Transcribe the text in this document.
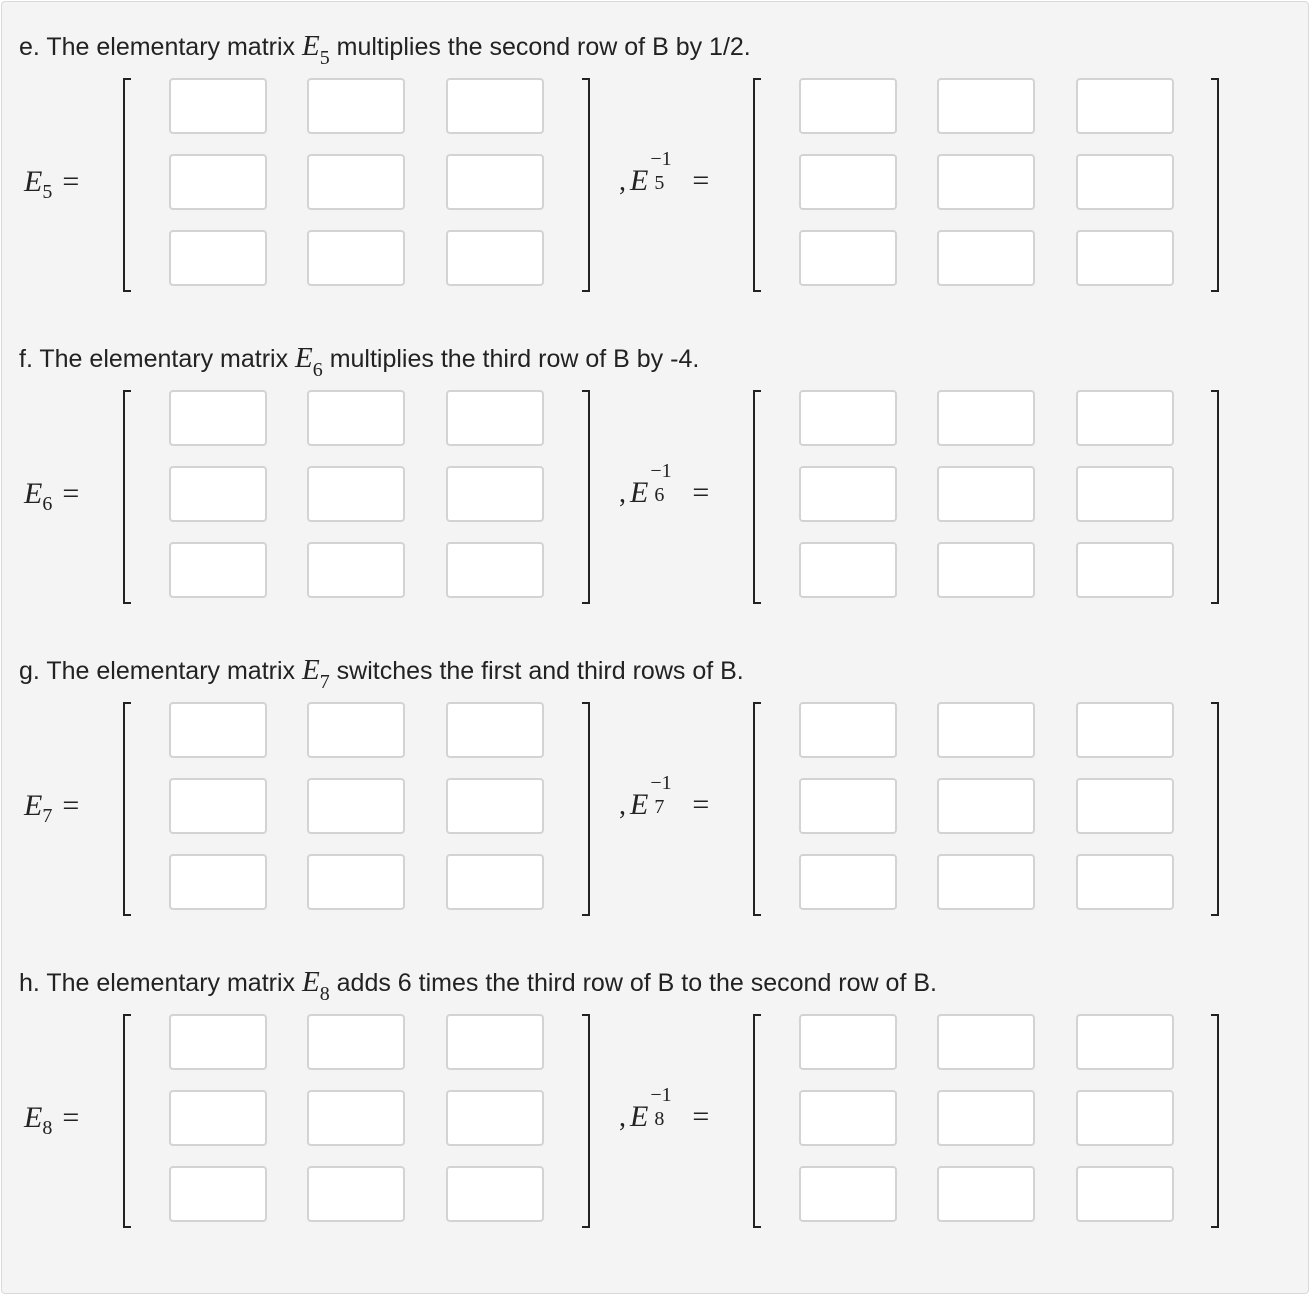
e. The elementary matrix $E_5$ multiplies the second row of B by 1/2.
$E_5$ =	, E
−1
5 =
f. The elementary matrix $E_6$ multiplies the third row of B by -4.
$E_6$ =	, E
−1
6 =
g. The elementary matrix $E_7$ switches the first and third rows of B.
$E_7$ =	, E
−1
7 =
h. The elementary matrix $E_8$ adds 6 times the third row of B to the second row of B.
$E_8$ =	, E
−1
8 =
